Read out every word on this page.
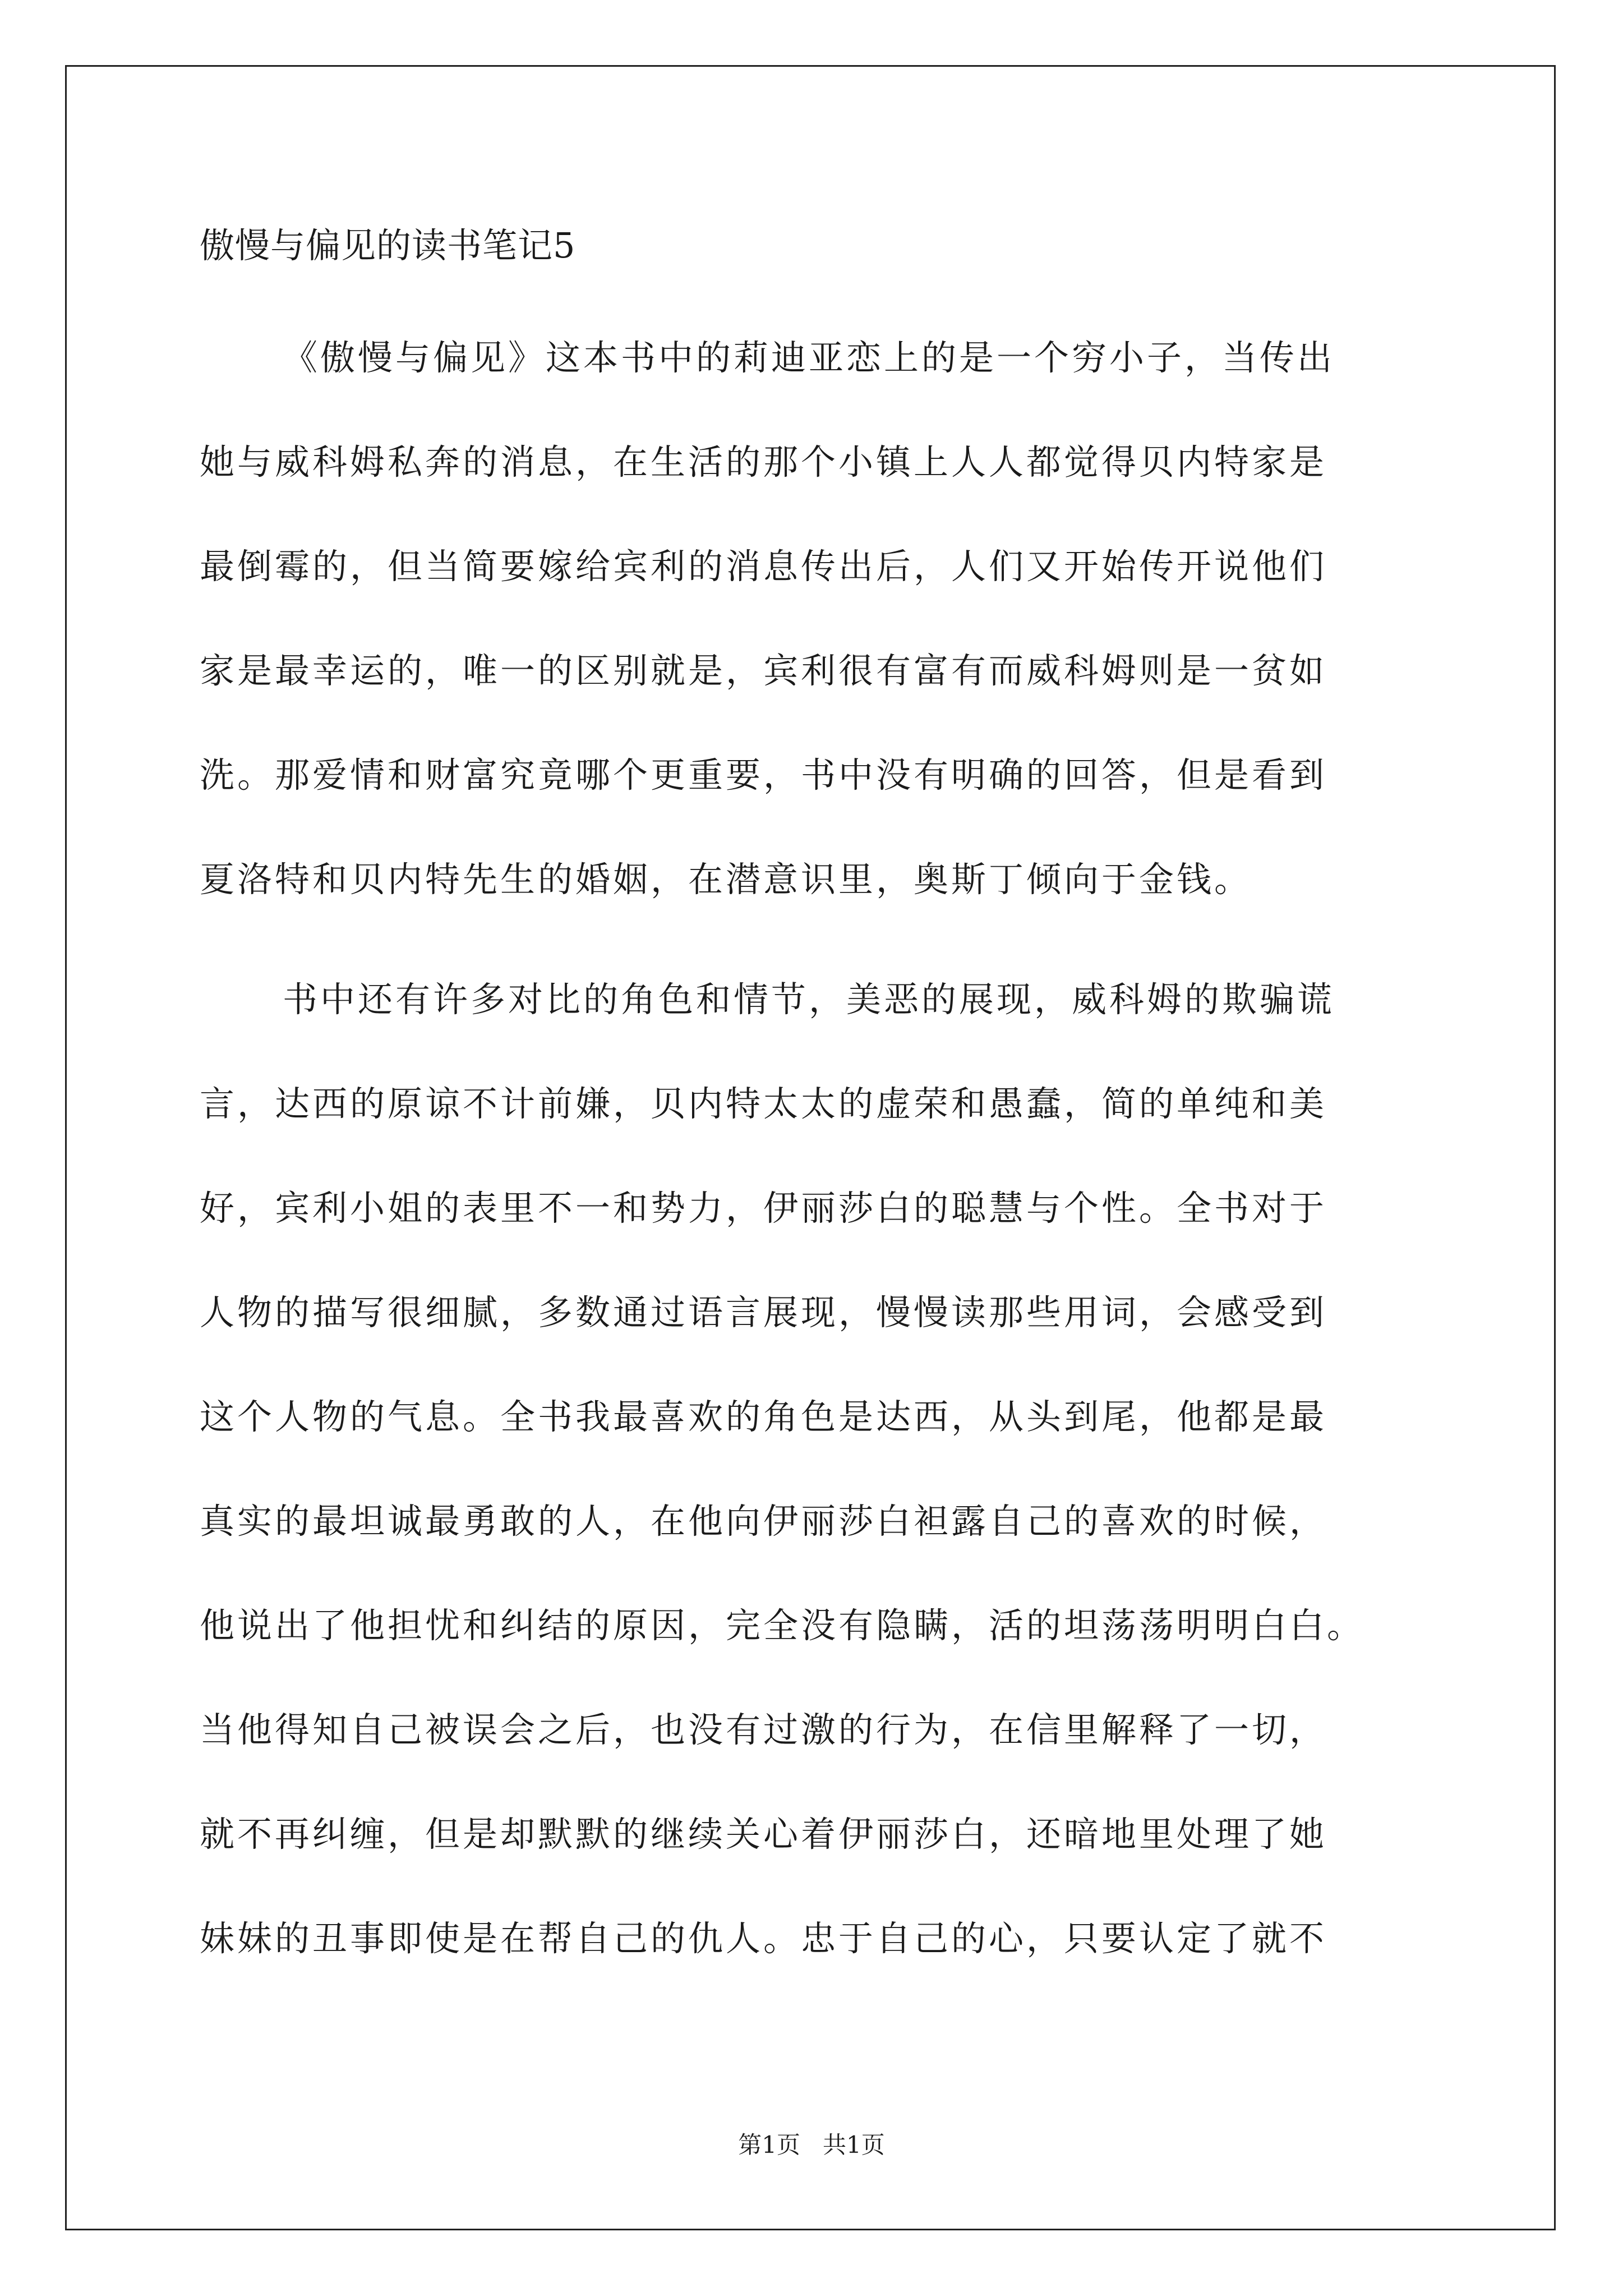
傲慢与偏见的读书笔记5
《傲慢与偏见》这本书中的莉迪亚恋上的是一个穷小子，当传出
她与威科姆私奔的消息，在生活的那个小镇上人人都觉得贝内特家是
最倒霉的，但当简要嫁给宾利的消息传出后，人们又开始传开说他们
家是最幸运的，唯一的区别就是，宾利很有富有而威科姆则是一贫如
洗。那爱情和财富究竟哪个更重要，书中没有明确的回答，但是看到
夏洛特和贝内特先生的婚姻，在潜意识里，奥斯丁倾向于金钱。
书中还有许多对比的角色和情节，美恶的展现，威科姆的欺骗谎
言，达西的原谅不计前嫌，贝内特太太的虚荣和愚蠢，简的单纯和美
好，宾利小姐的表里不一和势力，伊丽莎白的聪慧与个性。全书对于
人物的描写很细腻，多数通过语言展现，慢慢读那些用词，会感受到
这个人物的气息。全书我最喜欢的角色是达西，从头到尾，他都是最
真实的最坦诚最勇敢的人，在他向伊丽莎白袒露自己的喜欢的时候，
他说出了他担忧和纠结的原因，完全没有隐瞒，活的坦荡荡明明白白。
当他得知自己被误会之后，也没有过激的行为，在信里解释了一切，
就不再纠缠，但是却默默的继续关心着伊丽莎白，还暗地里处理了她
妹妹的丑事即使是在帮自己的仇人。忠于自己的心，只要认定了就不
第1页 共1页
